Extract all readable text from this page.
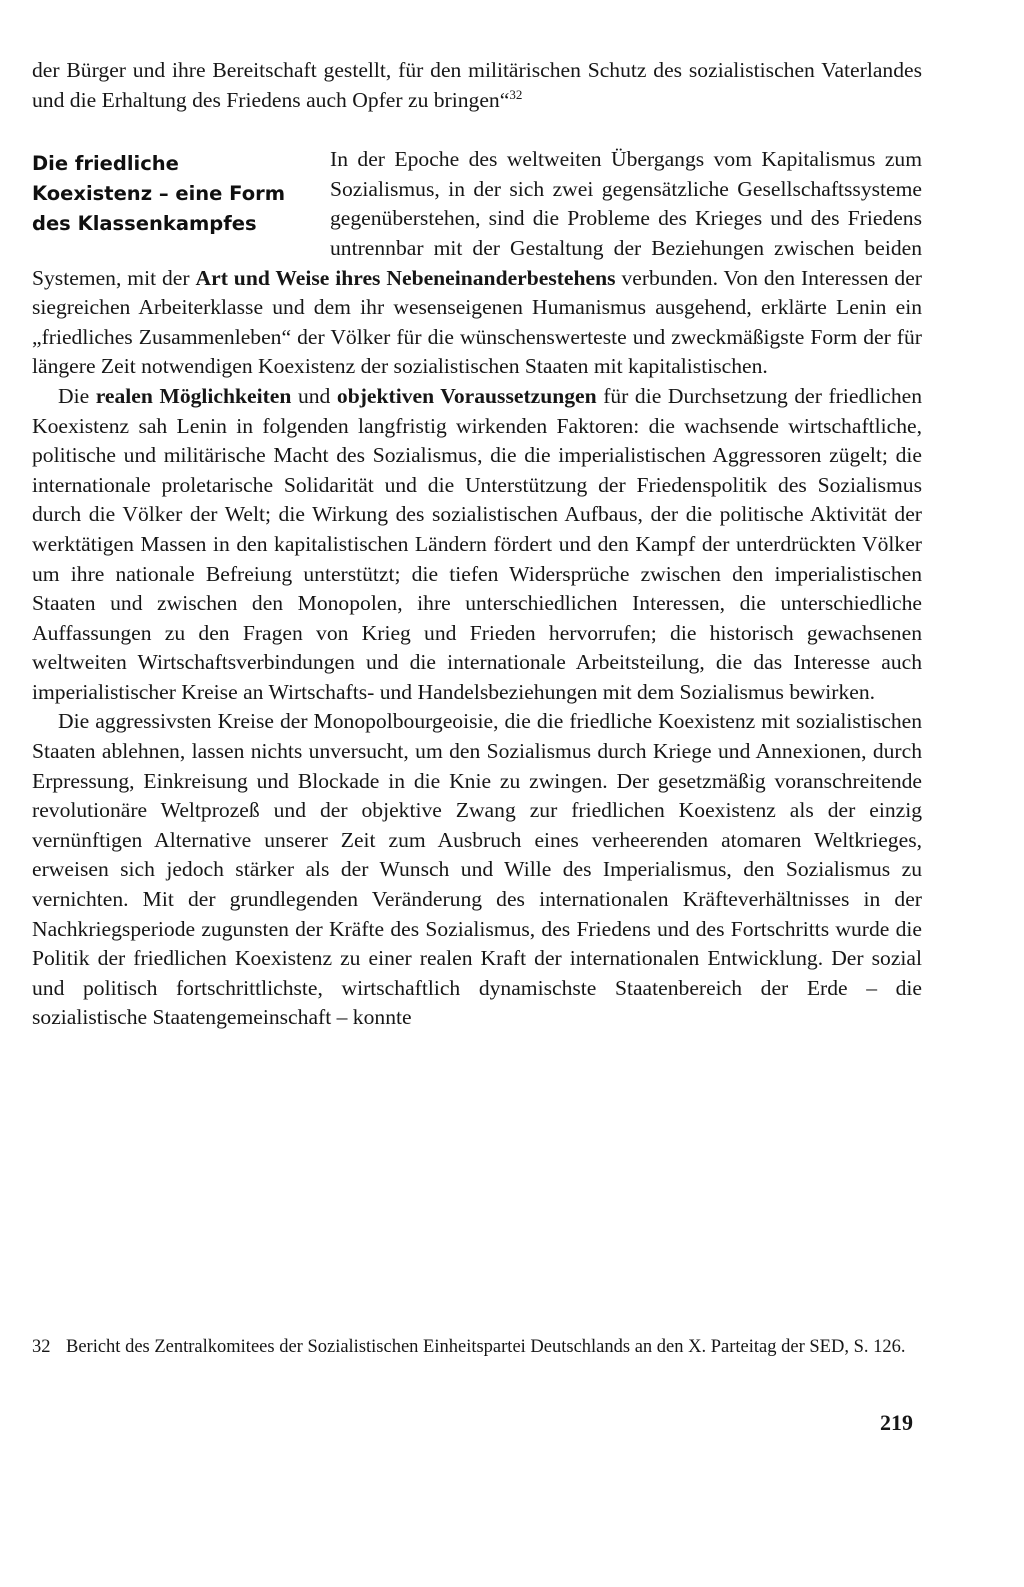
der Bürger und ihre Bereitschaft gestellt, für den militärischen Schutz des sozialistischen Vaterlandes und die Erhaltung des Friedens auch Opfer zu bringen“$^{32}$

Die friedliche
Koexistenz – eine Form
des Klassenkampfes

In der Epoche des weltweiten Übergangs vom Kapitalismus zum Sozialismus, in der sich zwei gegensätzliche Gesellschaftssysteme gegenüberstehen, sind die Probleme des Krieges und des Friedens untrennbar mit der Gestaltung der Beziehungen zwischen beiden Systemen, mit der Art und Weise ihres Nebeneinanderbestehens verbunden. Von den Interessen der siegreichen Arbeiterklasse und dem ihr wesenseigenen Humanismus ausgehend, erklärte Lenin ein „friedliches Zusammenleben“ der Völker für die wünschenswerteste und zweckmäßigste Form der für längere Zeit notwendigen Koexistenz der sozialistischen Staaten mit kapitalistischen.

Die realen Möglichkeiten und objektiven Voraussetzungen für die Durchsetzung der friedlichen Koexistenz sah Lenin in folgenden langfristig wirkenden Faktoren: die wachsende wirtschaftliche, politische und militärische Macht des Sozialismus, die die imperialistischen Aggressoren zügelt; die internationale proletarische Solidarität und die Unterstützung der Friedenspolitik des Sozialismus durch die Völker der Welt; die Wirkung des sozialistischen Aufbaus, der die politische Aktivität der werktätigen Massen in den kapitalistischen Ländern fördert und den Kampf der unterdrückten Völker um ihre nationale Befreiung unterstützt; die tiefen Widersprüche zwischen den imperialistischen Staaten und zwischen den Monopolen, ihre unterschiedlichen Interessen, die unterschiedliche Auffassungen zu den Fragen von Krieg und Frieden hervorrufen; die historisch gewachsenen weltweiten Wirtschaftsverbindungen und die internationale Arbeitsteilung, die das Interesse auch imperialistischer Kreise an Wirtschafts- und Handelsbeziehungen mit dem Sozialismus bewirken.

Die aggressivsten Kreise der Monopolbourgeoisie, die die friedliche Koexistenz mit sozialistischen Staaten ablehnen, lassen nichts unversucht, um den Sozialismus durch Kriege und Annexionen, durch Erpressung, Einkreisung und Blockade in die Knie zu zwingen. Der gesetzmäßig voranschreitende revolutionäre Weltprozeß und der objektive Zwang zur friedlichen Koexistenz als der einzig vernünftigen Alternative unserer Zeit zum Ausbruch eines verheerenden atomaren Weltkrieges, erweisen sich jedoch stärker als der Wunsch und Wille des Imperialismus, den Sozialismus zu vernichten. Mit der grundlegenden Veränderung des internationalen Kräfteverhältnisses in der Nachkriegsperiode zugunsten der Kräfte des Sozialismus, des Friedens und des Fortschritts wurde die Politik der friedlichen Koexistenz zu einer realen Kraft der internationalen Entwicklung. Der sozial und politisch fortschrittlichste, wirtschaftlich dynamischste Staatenbereich der Erde – die sozialistische Staatengemeinschaft – konnte

32 Bericht des Zentralkomitees der Sozialistischen Einheitspartei Deutschlands an den X. Parteitag der SED, S. 126.
219
